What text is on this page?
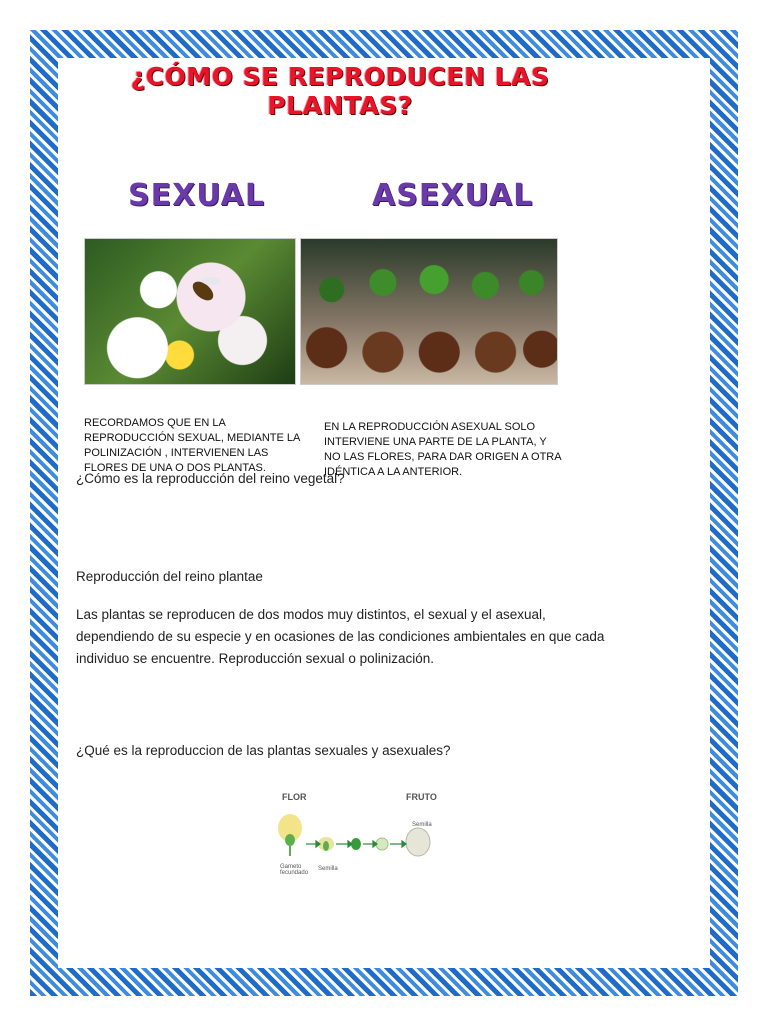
¿CÓMO SE REPRODUCEN LAS PLANTAS?
SEXUAL	ASEXUAL
RECORDAMOS QUE EN LA REPRODUCCIÓN SEXUAL, MEDIANTE LA POLINIZACIÓN , INTERVIENEN LAS FLORES DE UNA O DOS PLANTAS.
EN LA REPRODUCCIÓN ASEXUAL SOLO INTERVIENE UNA PARTE DE LA PLANTA, Y NO LAS FLORES, PARA DAR ORIGEN A OTRA IDÉNTICA A LA ANTERIOR.
¿Cómo es la reproducción del reino vegetal?
Reproducción del reino plantae
Las plantas se reproducen de dos modos muy distintos, el sexual y el asexual, dependiendo de su especie y en ocasiones de las condiciones ambientales en que cada individuo se encuentre. Reproducción sexual o polinización.
¿Qué es la reproduccion de las plantas sexuales y asexuales?
FLOR	FRUTO
Gameto fecundado
Semilla
Semilla
